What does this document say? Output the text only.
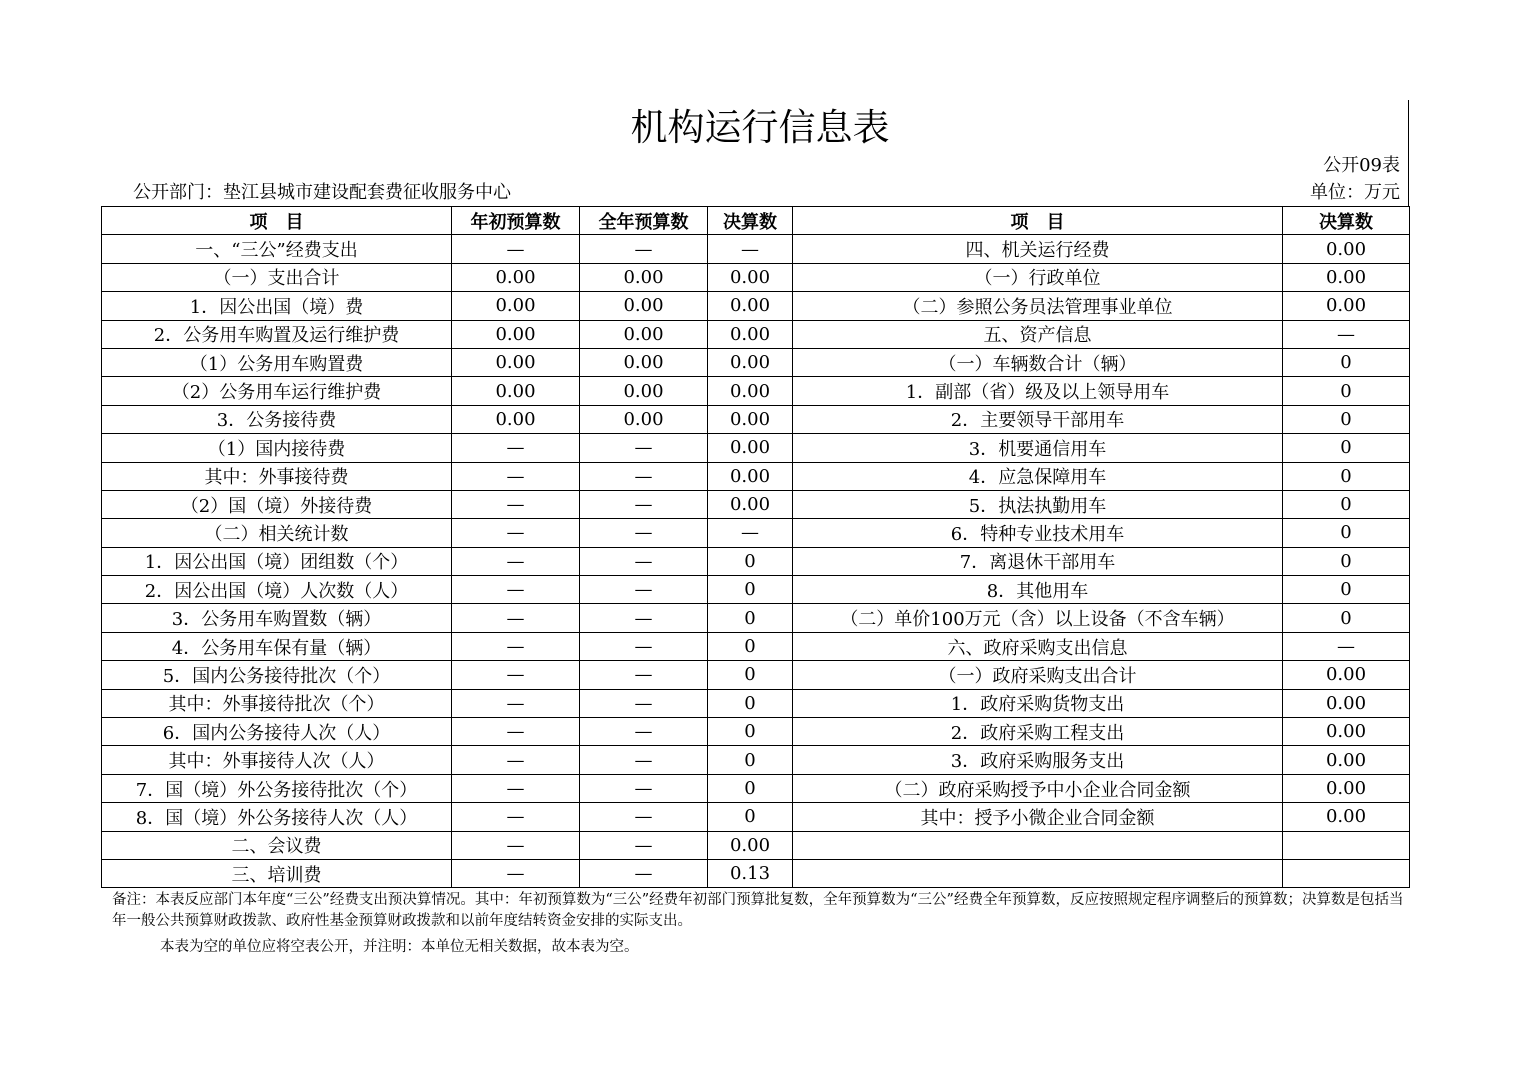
机构运行信息表
公开09表
公开部门：垫江县城市建设配套费征收服务中心	单位：万元
项　目	年初预算数	全年预算数	决算数	项　目	决算数
一、“三公”经费支出	—	—	—	四、机关运行经费	0.00
（一）支出合计	0.00	0.00	0.00	（一）行政单位	0.00
1．因公出国（境）费	0.00	0.00	0.00	（二）参照公务员法管理事业单位	0.00
2．公务用车购置及运行维护费	0.00	0.00	0.00	五、资产信息	—
（1）公务用车购置费	0.00	0.00	0.00	（一）车辆数合计（辆）	0
（2）公务用车运行维护费	0.00	0.00	0.00	1．副部（省）级及以上领导用车	0
3．公务接待费	0.00	0.00	0.00	2．主要领导干部用车	0
（1）国内接待费	—	—	0.00	3．机要通信用车	0
其中：外事接待费	—	—	0.00	4．应急保障用车	0
（2）国（境）外接待费	—	—	0.00	5．执法执勤用车	0
（二）相关统计数	—	—	—	6．特种专业技术用车	0
1．因公出国（境）团组数（个）	—	—	0	7．离退休干部用车	0
2．因公出国（境）人次数（人）	—	—	0	8．其他用车	0
3．公务用车购置数（辆）	—	—	0	（二）单价100万元（含）以上设备（不含车辆）	0
4．公务用车保有量（辆）	—	—	0	六、政府采购支出信息	—
5．国内公务接待批次（个）	—	—	0	（一）政府采购支出合计	0.00
其中：外事接待批次（个）	—	—	0	1．政府采购货物支出	0.00
6．国内公务接待人次（人）	—	—	0	2．政府采购工程支出	0.00
其中：外事接待人次（人）	—	—	0	3．政府采购服务支出	0.00
7．国（境）外公务接待批次（个）	—	—	0	（二）政府采购授予中小企业合同金额	0.00
8．国（境）外公务接待人次（人）	—	—	0	其中：授予小微企业合同金额	0.00
二、会议费	—	—	0.00		
三、培训费	—	—	0.13		
备注：本表反应部门本年度“三公”经费支出预决算情况。其中：年初预算数为“三公”经费年初部门预算批复数，全年预算数为“三公”经费全年预算数，反应按照规定程序调整后的预算数；决算数是包括当年一般公共预算财政拨款、政府性基金预算财政拨款和以前年度结转资金安排的实际支出。
本表为空的单位应将空表公开，并注明：本单位无相关数据，故本表为空。
